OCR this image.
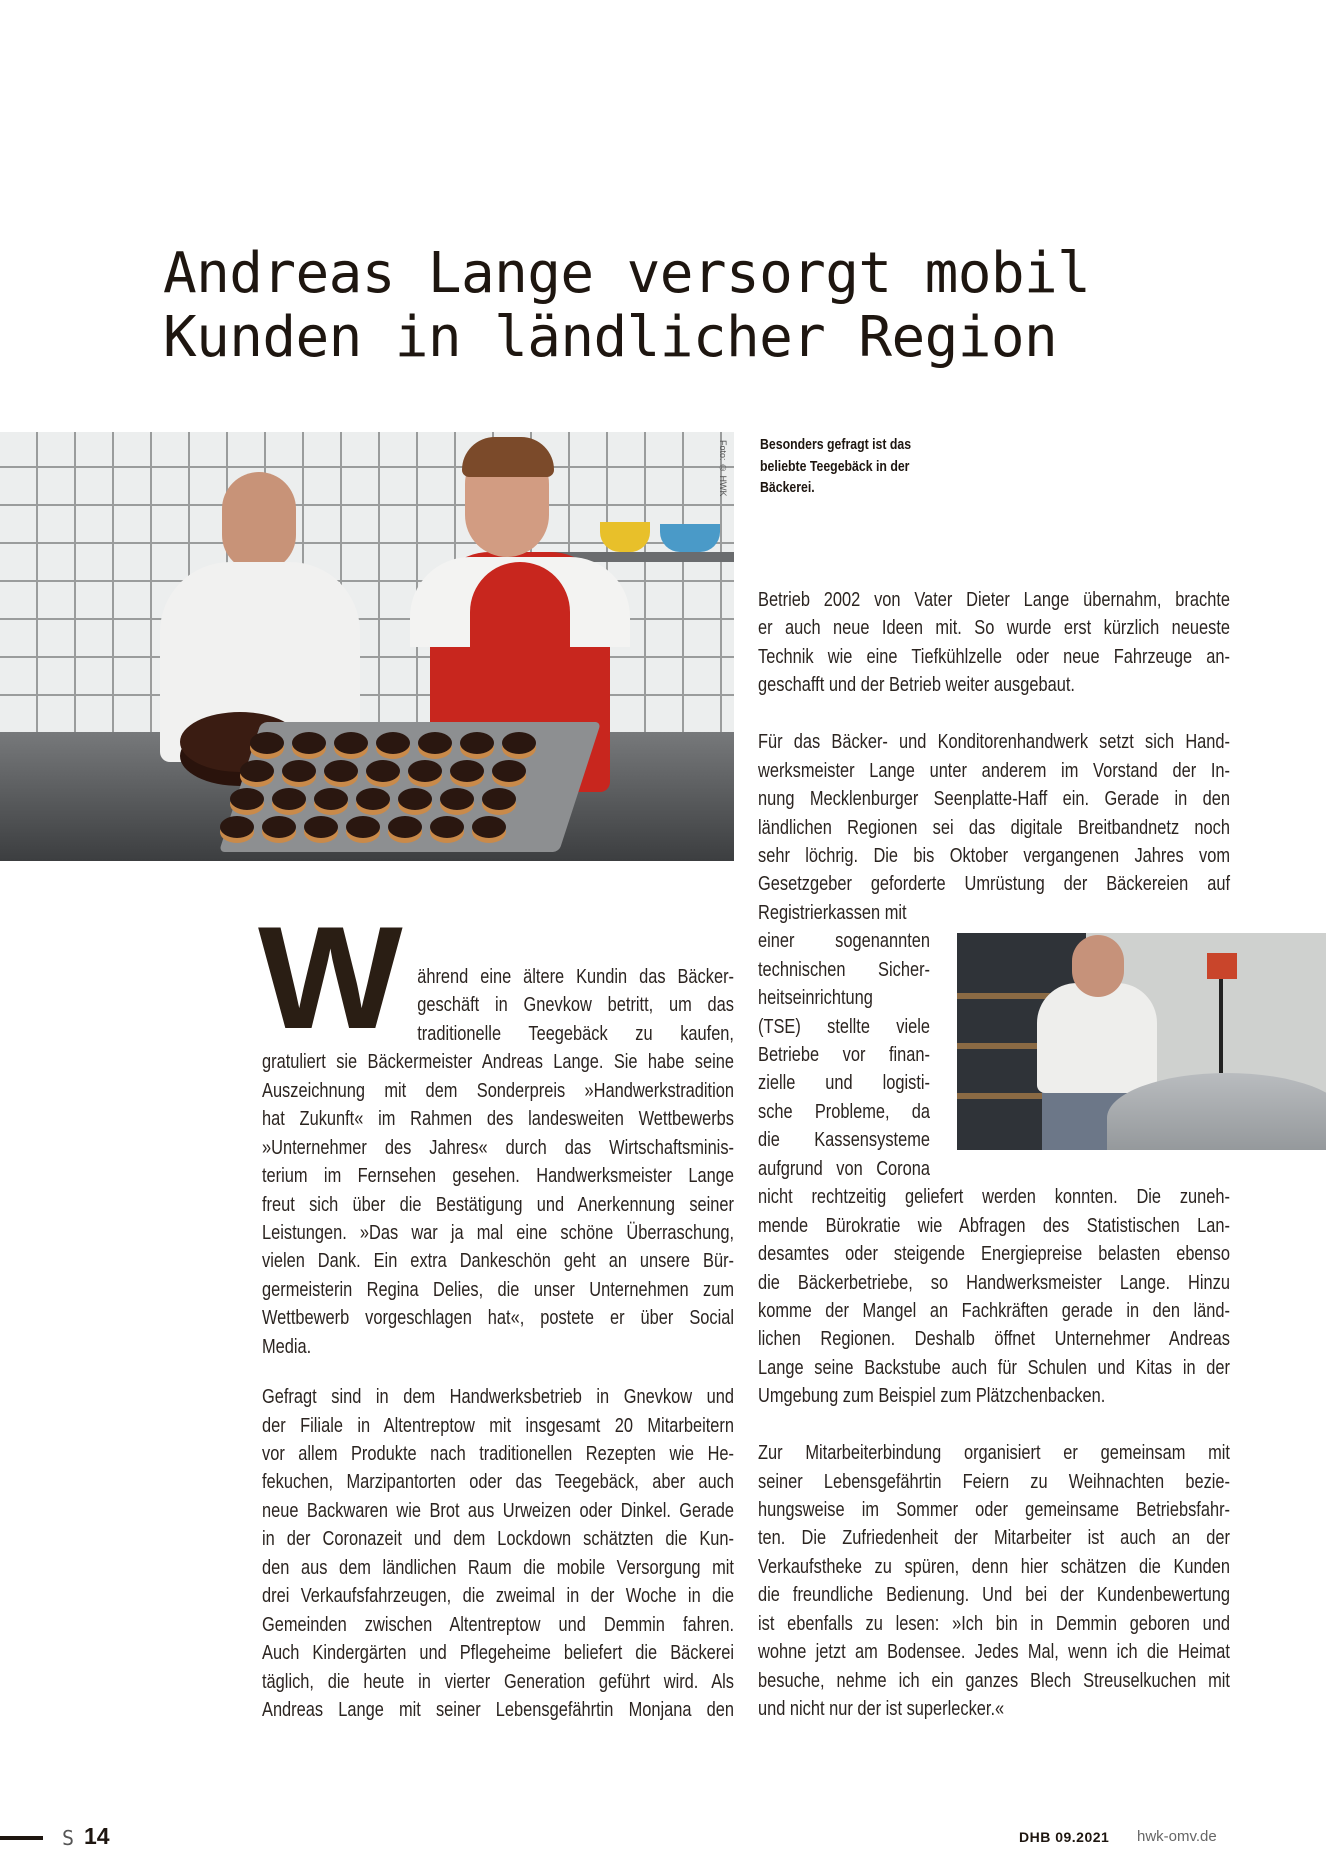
Andreas Lange versorgt mobil
Kunden in ländlicher Region
Foto: © HWK Besonders gefragt ist das
beliebte Teegebäck in der
Bäckerei.
W ährend eine ältere Kundin das Bäcker-
geschäft in Gnevkow betritt, um das
traditionelle Teegebäck zu kaufen,
gratuliert sie Bäckermeister Andreas Lange. Sie habe seine
Auszeichnung mit dem Sonderpreis »Handwerkstradition
hat Zukunft« im Rahmen des landesweiten Wettbewerbs
»Unternehmer des Jahres« durch das Wirtschaftsminis-
terium im Fernsehen gesehen. Handwerksmeister Lange
freut sich über die Bestätigung und Anerkennung seiner
Leistungen. »Das war ja mal eine schöne Überraschung,
vielen Dank. Ein extra Dankeschön geht an unsere Bür-
germeisterin Regina Delies, die unser Unternehmen zum
Wettbewerb vorgeschlagen hat«, postete er über Social
Media.
Gefragt sind in dem Handwerksbetrieb in Gnevkow und
der Filiale in Altentreptow mit insgesamt 20 Mitarbeitern
vor allem Produkte nach traditionellen Rezepten wie He-
fekuchen, Marzipantorten oder das Teegebäck, aber auch
neue Backwaren wie Brot aus Urweizen oder Dinkel. Gerade
in der Coronazeit und dem Lockdown schätzten die Kun-
den aus dem ländlichen Raum die mobile Versorgung mit
drei Verkaufsfahrzeugen, die zweimal in der Woche in die
Gemeinden zwischen Altentreptow und Demmin fahren.
Auch Kindergärten und Pflegeheime beliefert die Bäckerei
täglich, die heute in vierter Generation geführt wird. Als
Andreas Lange mit seiner Lebensgefährtin Monjana den
Betrieb 2002 von Vater Dieter Lange übernahm, brachte
er auch neue Ideen mit. So wurde erst kürzlich neueste
Technik wie eine Tiefkühlzelle oder neue Fahrzeuge an-
geschafft und der Betrieb weiter ausgebaut.
Für das Bäcker- und Konditorenhandwerk setzt sich Hand-
werksmeister Lange unter anderem im Vorstand der In-
nung Mecklenburger Seenplatte-Haff ein. Gerade in den
ländlichen Regionen sei das digitale Breitbandnetz noch
sehr löchrig. Die bis Oktober vergangenen Jahres vom
Gesetzgeber geforderte Umrüstung der Bäckereien auf
Registrierkassen mit
einer sogenannten
technischen Sicher-
heitseinrichtung
(TSE) stellte viele
Betriebe vor finan-
zielle und logisti-
sche Probleme, da
die Kassensysteme
aufgrund von Corona
nicht rechtzeitig geliefert werden konnten. Die zuneh-
mende Bürokratie wie Abfragen des Statistischen Lan-
desamtes oder steigende Energiepreise belasten ebenso
die Bäckerbetriebe, so Handwerksmeister Lange. Hinzu
komme der Mangel an Fachkräften gerade in den länd-
lichen Regionen. Deshalb öffnet Unternehmer Andreas
Lange seine Backstube auch für Schulen und Kitas in der
Umgebung zum Beispiel zum Plätzchenbacken.
Zur Mitarbeiterbindung organisiert er gemeinsam mit
seiner Lebensgefährtin Feiern zu Weihnachten bezie-
hungsweise im Sommer oder gemeinsame Betriebsfahr-
ten. Die Zufriedenheit der Mitarbeiter ist auch an der
Verkaufstheke zu spüren, denn hier schätzen die Kunden
die freundliche Bedienung. Und bei der Kundenbewertung
ist ebenfalls zu lesen: »Ich bin in Demmin geboren und
wohne jetzt am Bodensee. Jedes Mal, wenn ich die Heimat
besuche, nehme ich ein ganzes Blech Streuselkuchen mit
und nicht nur der ist superlecker.«
S 14	DHB 09.2021 hwk-omv.de
